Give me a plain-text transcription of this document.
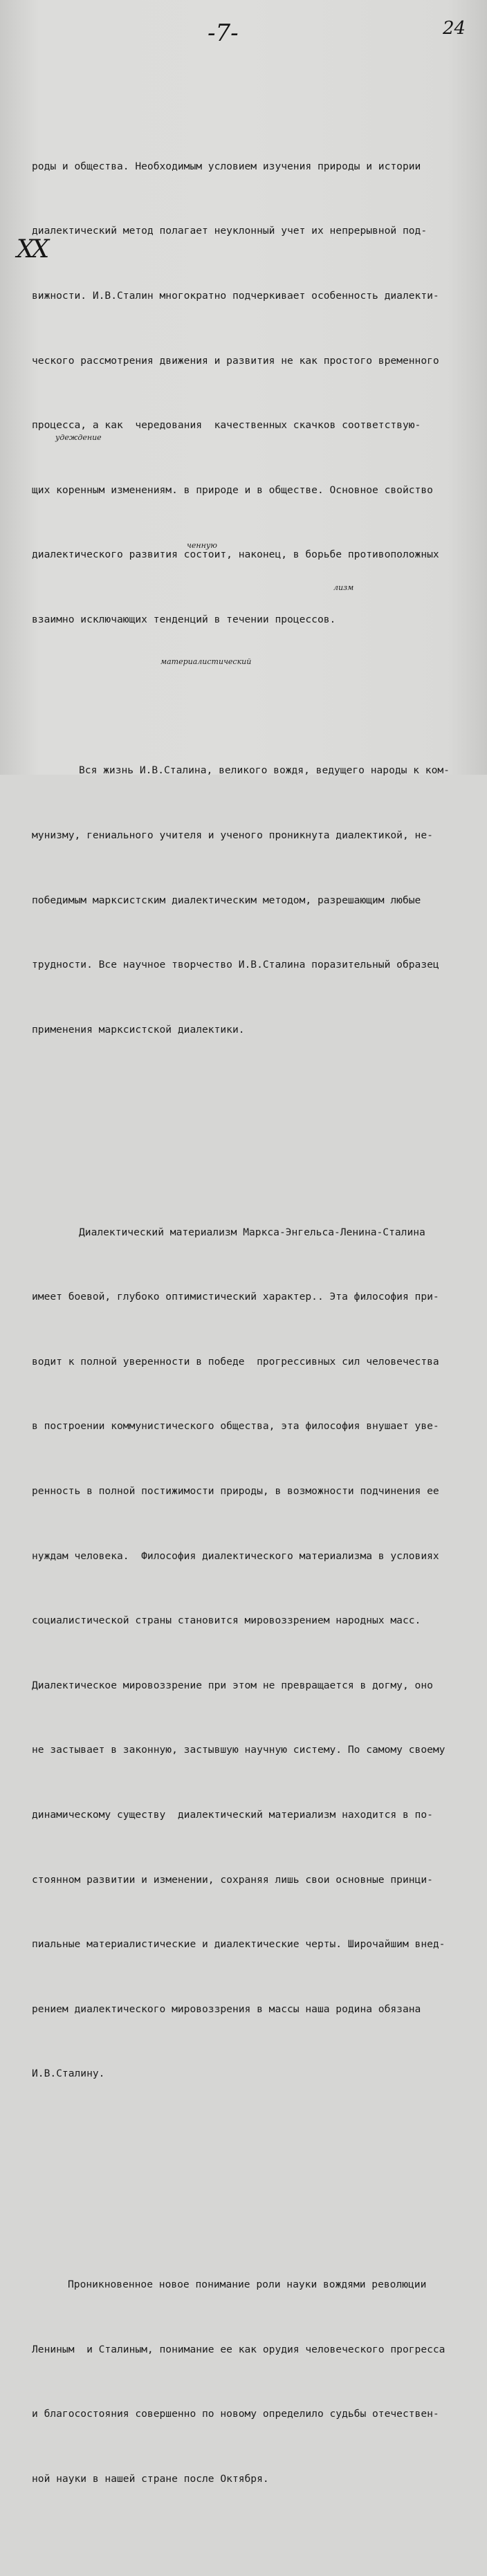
-7-	24
XX
удеждение
ченную
лизм
материалистический

роды и общества. Необходимым условием изучения природы и истории

диалектический метод полагает неуклонный учет их непрерывной под-

вижности. И.В.Сталин многократно подчеркивает особенность диалекти-

ческого рассмотрения движения и развития не как простого временного

процесса, а как  чередования  качественных скачков соответствую-

щих коренным изменениям. в природе и в обществе. Основное свойство

диалектического развития состоит, наконец, в борьбе противоположных

взаимно исключающих тенденций в течении процессов.

Вся жизнь И.В.Сталина, великого вождя, ведущего народы к ком-

мунизму, гениального учителя и ученого проникнута диалектикой, не-

победимым марксистским диалектическим методом, разрешающим любые

трудности. Все научное творчество И.В.Сталина поразительный образец

применения марксистской диалектики.

Диалектический материализм Маркса-Энгельса-Ленина-Сталина

имеет боевой, глубоко оптимистический характер.. Эта философия при-

водит к полной уверенности в победе  прогрессивных сил человечества

в построении коммунистического общества, эта философия внушает уве-

ренность в полной постижимости природы, в возможности подчинения ее

нуждам человека.  Философия диалектического материализма в условиях

социалистической страны становится мировоззрением народных масс.

Диалектическое мировоззрение при этом не превращается в догму, оно

не застывает в законную, застывшую научную систему. По самому своему

динамическому существу  диалектический материализм находится в по-

стоянном развитии и изменении, сохраняя лишь свои основные принци-

пиальные материалистические и диалектические черты. Широчайшим внед-

рением диалектического мировоззрения в массы наша родина обязана

И.В.Сталину.

Проникновенное новое понимание роли науки вождями революции

Лениным  и Сталиным, понимание ее как орудия человеческого прогресса

и благосостояния совершенно по новому определило судьбы отечествен-

ной науки в нашей стране после Октября.
